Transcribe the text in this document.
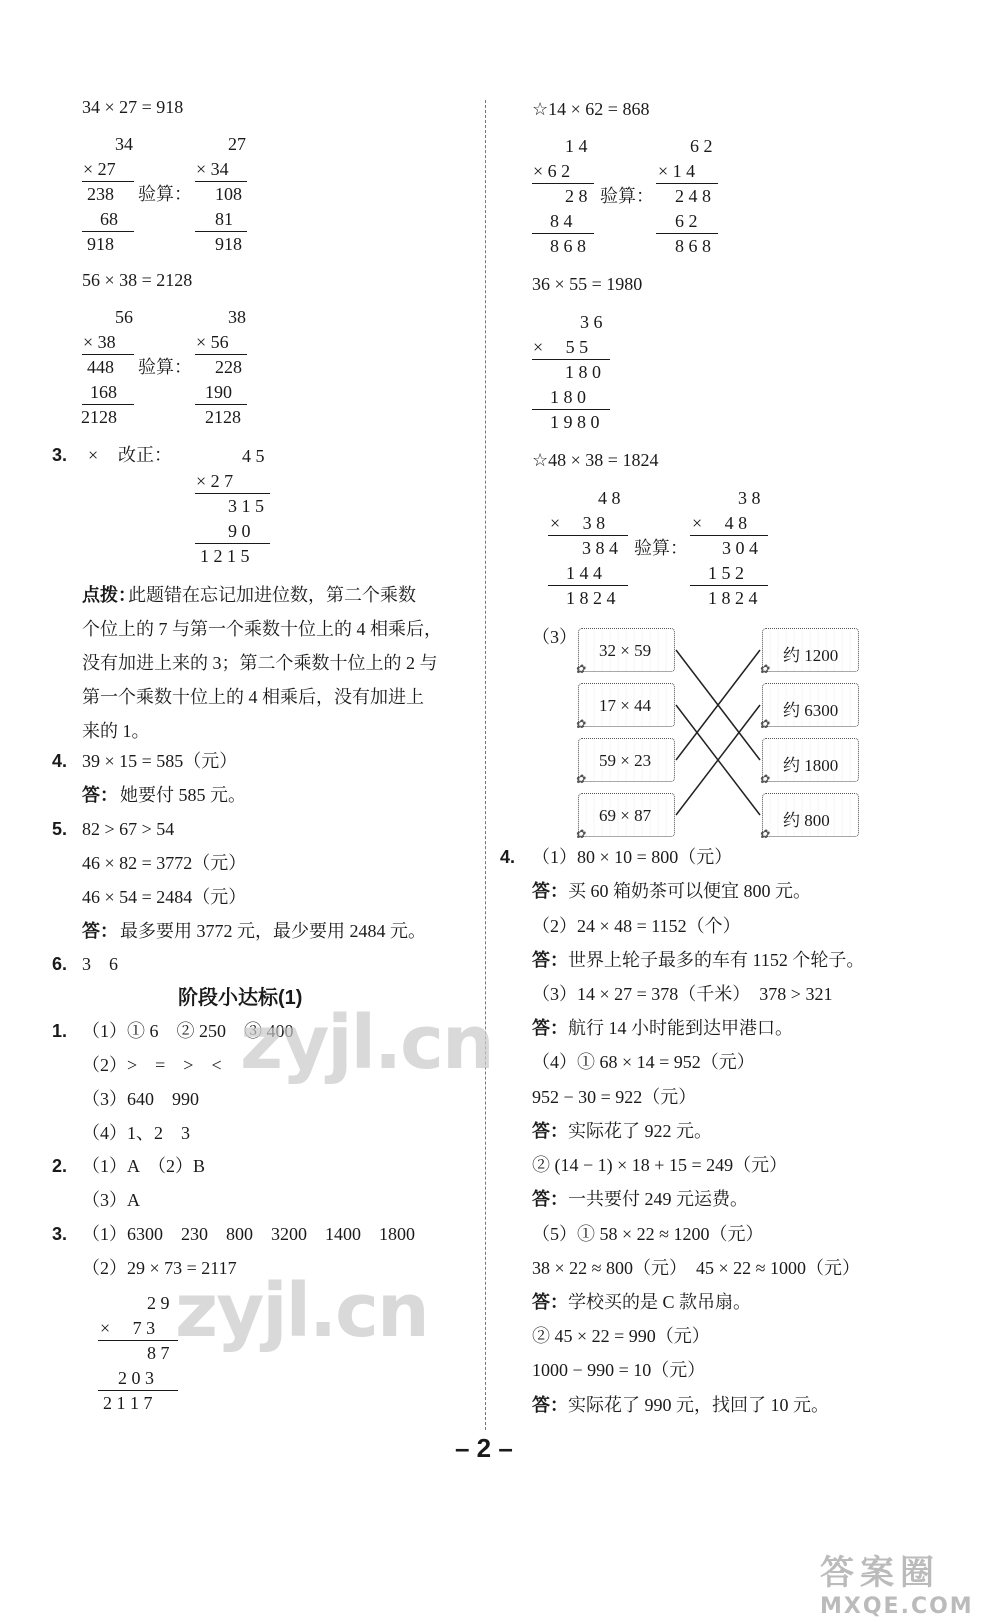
34 × 27 = 918
34
× 27
238 验算：
68
918
27
× 34
108
81
918
56 × 38 = 2128
56
× 38
448 验算：
168
2128
38
× 56
228
190
2128
3. × 改正：	4 5
× 2 7
3 1 5
9 0
1 2 1 5
点拨：
此题错在忘记加进位数，第二个乘数
个位上的 7 与第一个乘数十位上的 4 相乘后，
没有加进上来的 3；第二个乘数十位上的 2 与
第一个乘数十位上的 4 相乘后，没有加进上
来的 1。
4. 39 × 15 = 585（元）
答： 她要付 585 元。
5. 82 > 67 > 54
46 × 82 = 3772（元）
46 × 54 = 2484（元）
答： 最多要用 3772 元，最少要用 2484 元。
6. 3　6
阶段小达标(1)
1. （1）① 6　② 250　③ 400
（2）>　=　>　<
（3）640　990
（4）1、2　3
2. （1）A　（2）B
（3）A
3. （1）6300　230　800　3200　1400　1800
（2）29 × 73 = 2117
2 9
× 　7 3
8 7
2 0 3
2 1 1 7
☆14 × 62 = 868
1 4
× 6 2
2 8 验算：
8 4
8 6 8
6 2
× 1 4
2 4 8
6 2
8 6 8
36 × 55 = 1980
3 6
× 　5 5
1 8 0
1 8 0
1 9 8 0
☆48 × 38 = 1824
4 8
× 　3 8
3 8 4 验算：
1 4 4
1 8 2 4
3 8
× 　4 8
3 0 4
1 5 2
1 8 2 4
（3）
32 × 59
✿
17 × 44
✿
59 × 23
✿
69 × 87
✿
约 1200
✿
约 6300
✿
约 1800
✿
约 800
✿
4. （1）80 × 10 = 800（元）
答： 买 60 箱奶茶可以便宜 800 元。
（2）24 × 48 = 1152（个）
答： 世界上轮子最多的车有 1152 个轮子。
（3）14 × 27 = 378（千米）　378 > 321
答： 航行 14 小时能到达甲港口。
（4）① 68 × 14 = 952（元）
952 − 30 = 922（元）
答： 实际花了 922 元。
② (14 − 1) × 18 + 15 = 249（元）
答： 一共要付 249 元运费。
（5）① 58 × 22 ≈ 1200（元）
38 × 22 ≈ 800（元）　45 × 22 ≈ 1000（元）
答： 学校买的是 C 款吊扇。
② 45 × 22 = 990（元）
1000 − 990 = 10（元）
答： 实际花了 990 元，找回了 10 元。
zyjl.cn
zyjl.cn
– 2 –
答案圈
MXQE.COM
